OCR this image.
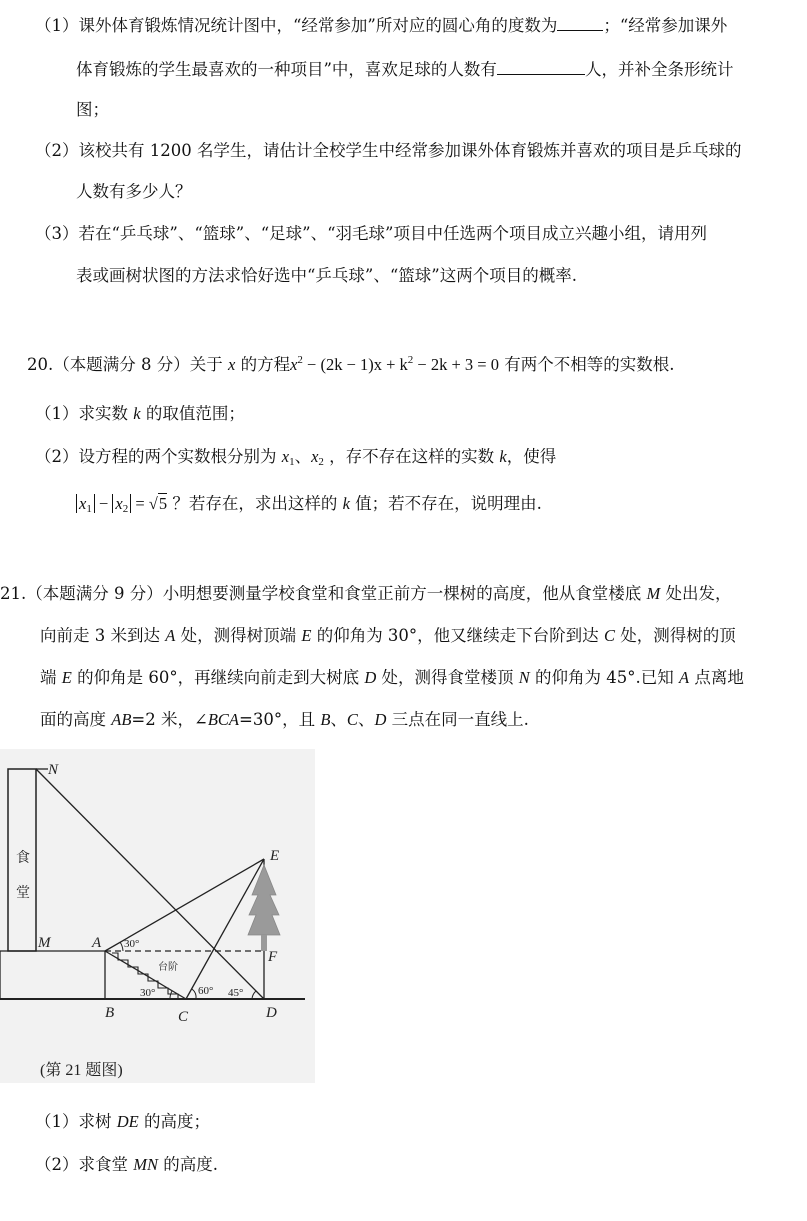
（1）课外体育锻炼情况统计图中，“经常参加”所对应的圆心角的度数为	；“经常参加课外
体育锻炼的学生最喜欢的一种项目”中，喜欢足球的人数有	人，并补全条形统计
图；
（2）该校共有 1200 名学生，请估计全校学生中经常参加课外体育锻炼并喜欢的项目是乒乓球的
人数有多少人？
（3）若在“乒乓球”、“篮球”、“足球”、“羽毛球”项目中任选两个项目成立兴趣小组，请用列
表或画树状图的方法求恰好选中“乒乓球”、“篮球”这两个项目的概率.
20.（本题满分 8 分）关于 x 的方程$x^2 - (2k - 1)x + k^2 - 2k + 3 = 0$ 有两个不相等的实数根.
（1）求实数 k 的取值范围；
（2）设方程的两个实数根分别为 $x_1$、$x_2$ ，存不存在这样的实数 k，使得
$x_1 - x_2 = √5$ ？若存在，求出这样的 k 值；若不存在，说明理由.
21.（本题满分 9 分）小明想要测量学校食堂和食堂正前方一棵树的高度，他从食堂楼底 M 处出发，
向前走 3 米到达 A 处，测得树顶端 E 的仰角为 30°，他又继续走下台阶到达 C 处，测得树的顶
端 E 的仰角是 60°，再继续向前走到大树底 D 处，测得食堂楼顶 N 的仰角为 45°.已知 A 点离地
面的高度 AB=2 米，∠BCA=30°，且 B、C、D 三点在同一直线上.
食
堂
台阶
30°
30°	60° 45°
N
M	A
B	C	D
E
F
(第 21 题图)
（1）求树 DE 的高度；
（2）求食堂 MN 的高度.
